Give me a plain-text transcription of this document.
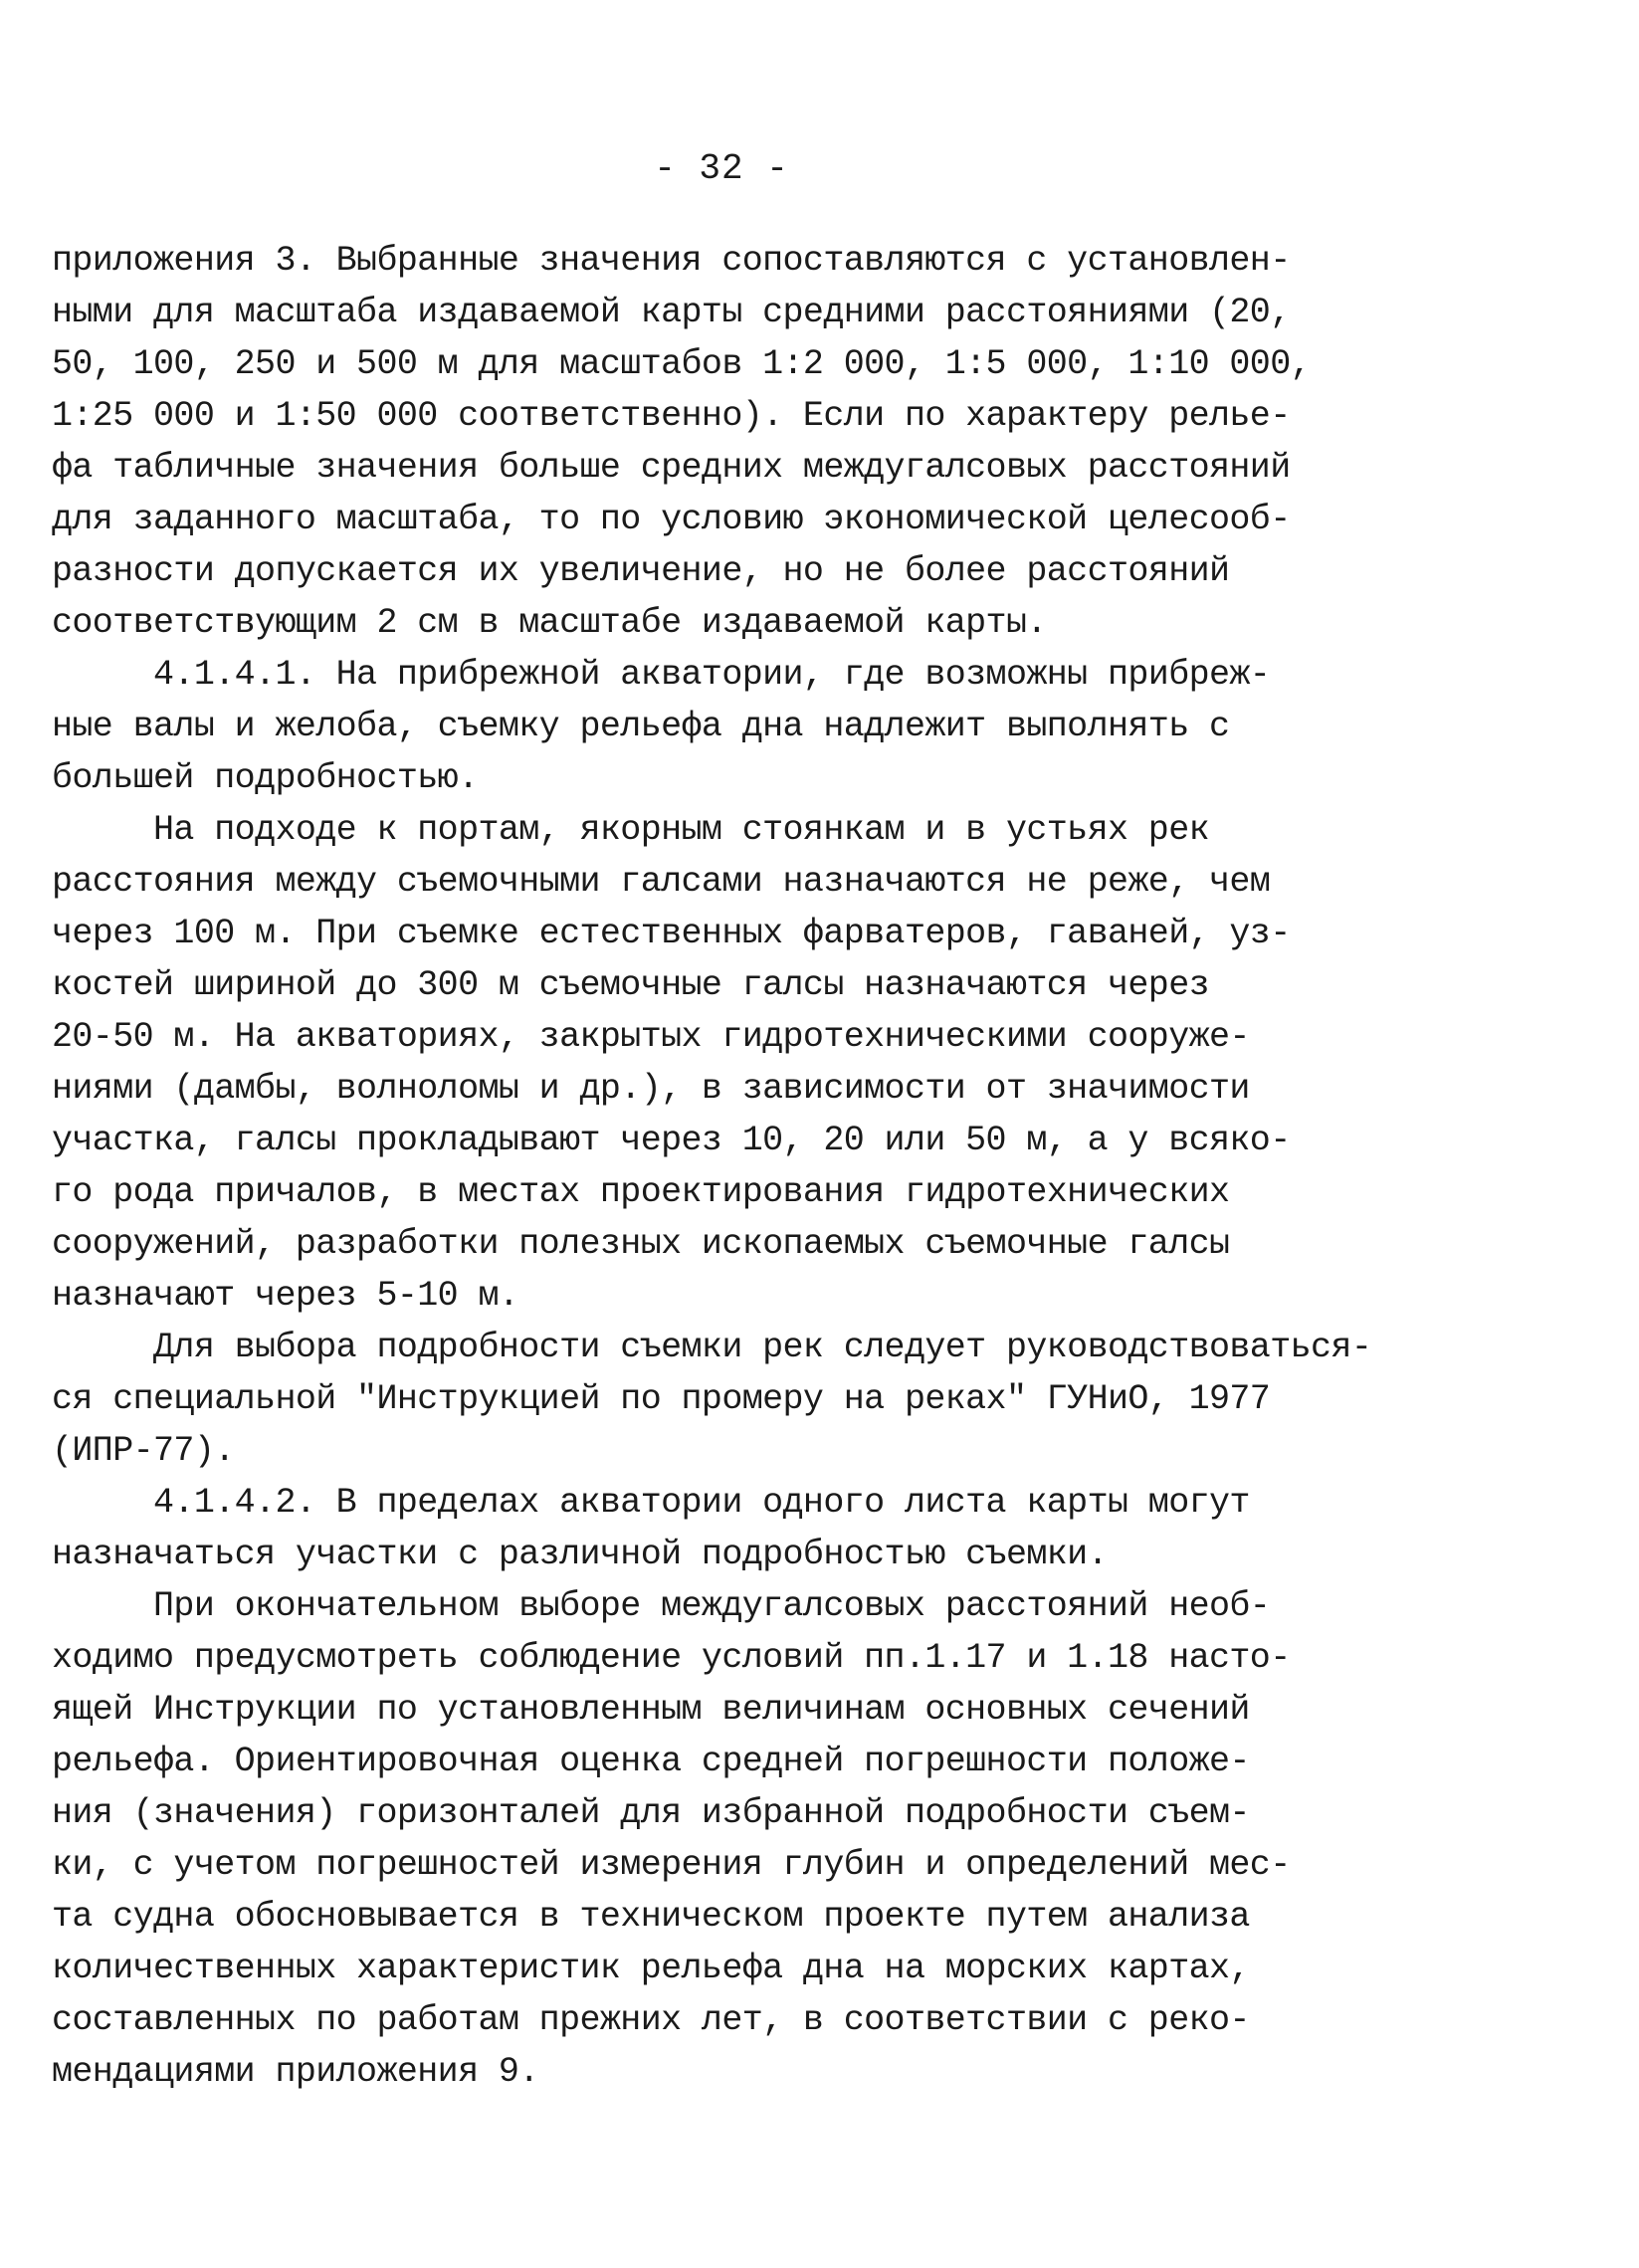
- 32 -
приложения 3. Выбранные значения сопоставляются с установлен-
ными для масштаба издаваемой карты средними расстояниями (20,
50, 100, 250 и 500 м для масштабов 1:2 000, 1:5 000, 1:10 000,
1:25 000 и 1:50 000 соответственно). Если по характеру релье-
фа табличные значения больше средних междугалсовых расстояний
для заданного масштаба, то по условию экономической целесооб-
разности допускается их увеличение, но не более расстояний
соответствующим 2 см в масштабе издаваемой карты.
4.1.4.1. На прибрежной акватории, где возможны прибреж-
ные валы и желоба, съемку рельефа дна надлежит выполнять с
большей подробностью.
На подходе к портам, якорным стоянкам и в устьях рек
расстояния между съемочными галсами назначаются не реже, чем
через 100 м. При съемке естественных фарватеров, гаваней, уз-
костей шириной до 300 м съемочные галсы назначаются через
20-50 м. На акваториях, закрытых гидротехническими сооруже-
ниями (дамбы, волноломы и др.), в зависимости от значимости
участка, галсы прокладывают через 10, 20 или 50 м, а у всяко-
го рода причалов, в местах проектирования гидротехнических
сооружений, разработки полезных ископаемых съемочные галсы
назначают через 5-10 м.
Для выбора подробности съемки рек следует руководствоваться-
ся специальной "Инструкцией по промеру на реках" ГУНиО, 1977
(ИПР-77).
4.1.4.2. В пределах акватории одного листа карты могут
назначаться участки с различной подробностью съемки.
При окончательном выборе междугалсовых расстояний необ-
ходимо предусмотреть соблюдение условий пп.1.17 и 1.18 насто-
ящей Инструкции по установленным величинам основных сечений
рельефа. Ориентировочная оценка средней погрешности положе-
ния (значения) горизонталей для избранной подробности съем-
ки, с учетом погрешностей измерения глубин и определений мес-
та судна обосновывается в техническом проекте путем анализа
количественных характеристик рельефа дна на морских картах,
составленных по работам прежних лет, в соответствии с реко-
мендациями приложения 9.
